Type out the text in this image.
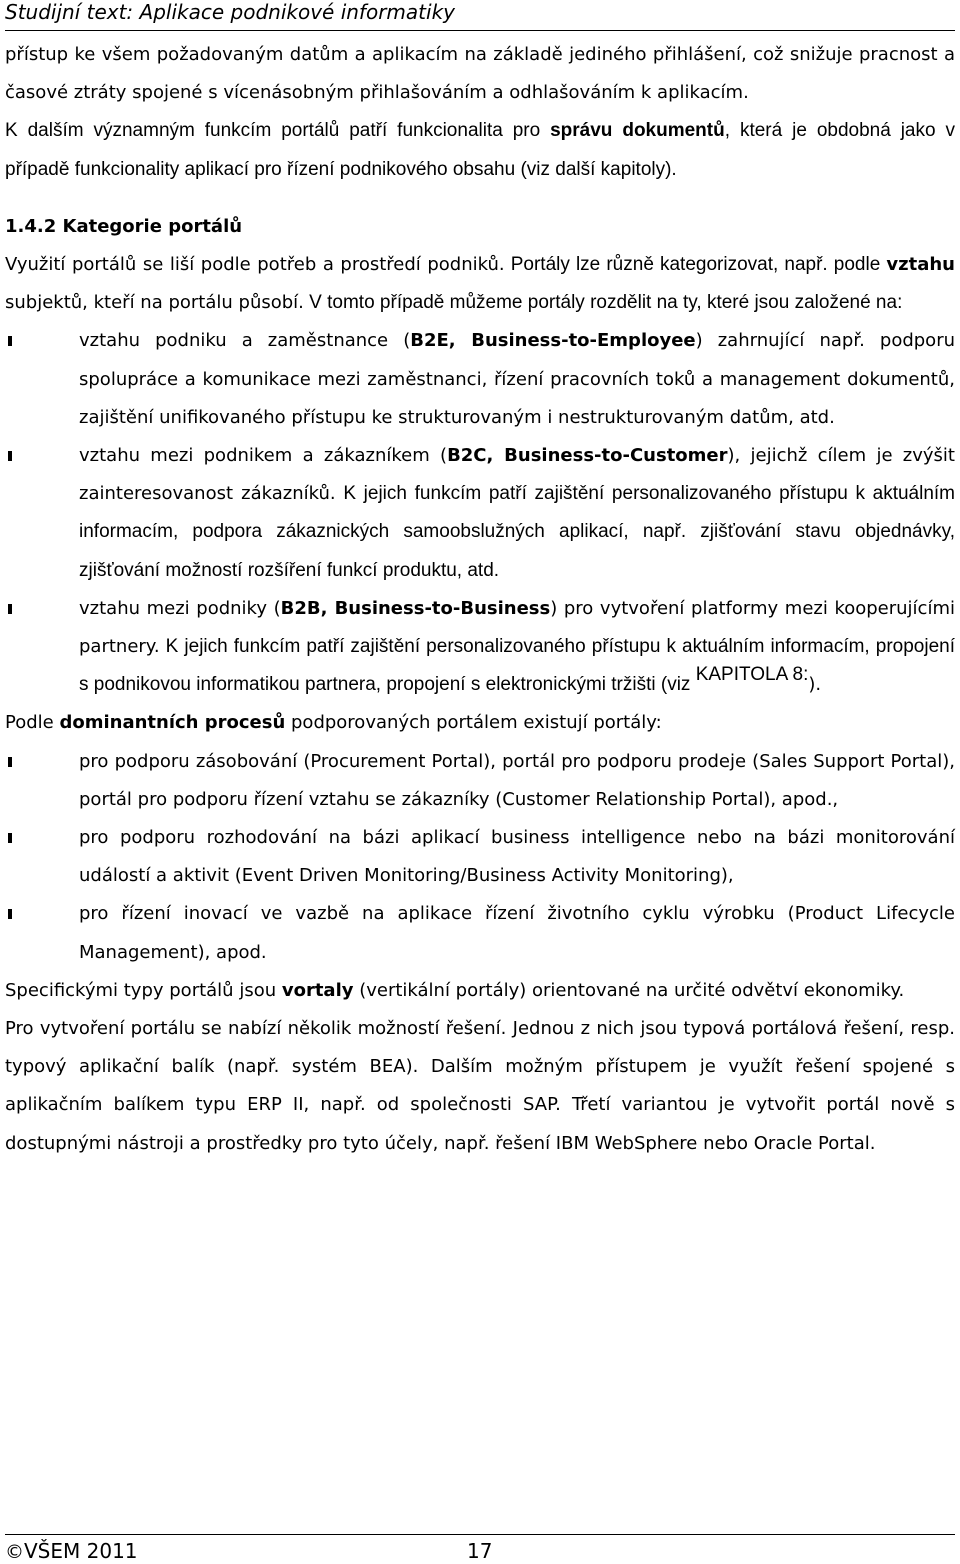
Studijní text: Aplikace podnikové informatiky

přístup ke všem požadovaným datům a aplikacím na základě jediného přihlášení, což snižuje pracnost a časové ztráty spojené s vícenásobným přihlašováním a odhlašováním k aplikacím.

K dalším významným funkcím portálů patří funkcionalita pro správu dokumentů, která je obdobná jako v případě funkcionality aplikací pro řízení podnikového obsahu (viz další kapitoly).

1.4.2 Kategorie portálů

Využití portálů se liší podle potřeb a prostředí podniků. Portály lze různě kategorizovat, např. podle vztahu subjektů, kteří na portálu působí. V tomto případě můžeme portály rozdělit na ty, které jsou založené na:

vztahu podniku a zaměstnance (B2E, Business-to-Employee) zahrnující např. podporu spolupráce a komunikace mezi zaměstnanci, řízení pracovních toků a management dokumentů, zajištění unifikovaného přístupu ke strukturovaným i nestrukturovaným datům, atd.
vztahu mezi podnikem a zákazníkem (B2C, Business-to-Customer), jejichž cílem je zvýšit zainteresovanost zákazníků. K jejich funkcím patří zajištění personalizovaného přístupu k aktuálním informacím, podpora zákaznických samoobslužných aplikací, např. zjišťování stavu objednávky, zjišťování možností rozšíření funkcí produktu, atd.
vztahu mezi podniky (B2B, Business-to-Business) pro vytvoření platformy mezi kooperujícími partnery. K jejich funkcím patří zajištění personalizovaného přístupu k aktuálním informacím, propojení s podnikovou informatikou partnera, propojení s elektronickými tržišti (viz $^{KAPITOLA 8:}$).

Podle dominantních procesů podporovaných portálem existují portály:

pro podporu zásobování (Procurement Portal), portál pro podporu prodeje (Sales Support Portal), portál pro podporu řízení vztahu se zákazníky (Customer Relationship Portal), apod.,
pro podporu rozhodování na bázi aplikací business intelligence nebo na bázi monitorování událostí a aktivit (Event Driven Monitoring/Business Activity Monitoring),
pro řízení inovací ve vazbě na aplikace řízení životního cyklu výrobku (Product Lifecycle Management), apod.

Specifickými typy portálů jsou vortaly (vertikální portály) orientované na určité odvětví ekonomiky.

Pro vytvoření portálu se nabízí několik možností řešení. Jednou z nich jsou typová portálová řešení, resp. typový aplikační balík (např. systém BEA). Dalším možným přístupem je využít řešení spojené s aplikačním balíkem typu ERP II, např. od společnosti SAP. Třetí variantou je vytvořit portál nově s dostupnými nástroji a prostředky pro tyto účely, např. řešení IBM WebSphere nebo Oracle Portal.

©VŠEM 2011	17
